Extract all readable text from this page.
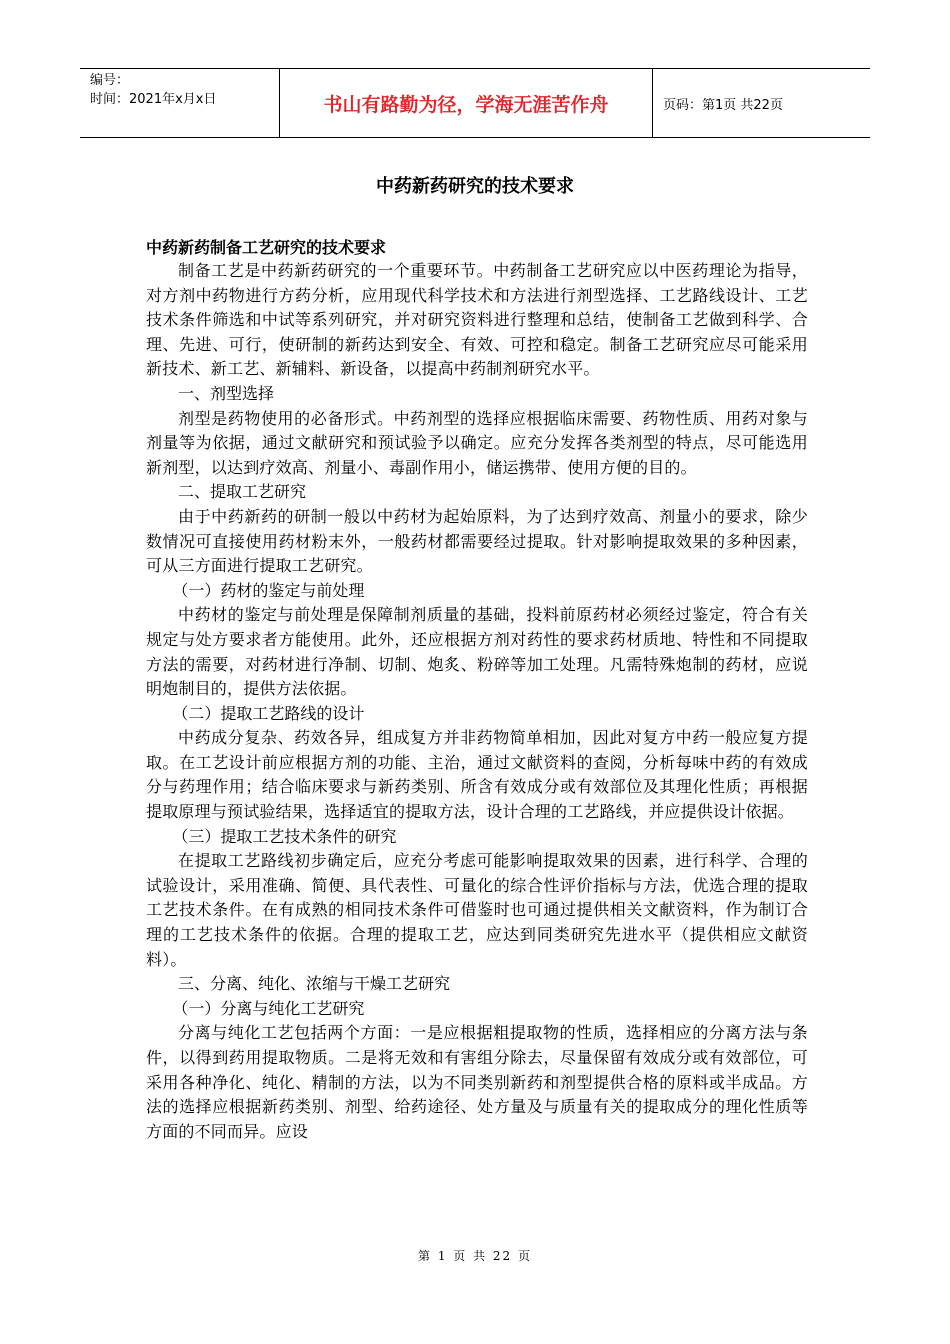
编号：
时间：2021年x月x日	书山有路勤为径，学海无涯苦作舟	页码：第1页 共22页
中药新药研究的技术要求
中药新药制备工艺研究的技术要求

制备工艺是中药新药研究的一个重要环节。中药制备工艺研究应以中医药理论为指导，对方剂中药物进行方药分析，应用现代科学技术和方法进行剂型选择、工艺路线设计、工艺技术条件筛选和中试等系列研究，并对研究资料进行整理和总结，使制备工艺做到科学、合理、先进、可行，使研制的新药达到安全、有效、可控和稳定。制备工艺研究应尽可能采用新技术、新工艺、新辅料、新设备，以提高中药制剂研究水平。

一、剂型选择

剂型是药物使用的必备形式。中药剂型的选择应根据临床需要、药物性质、用药对象与剂量等为依据，通过文献研究和预试验予以确定。应充分发挥各类剂型的特点，尽可能选用新剂型，以达到疗效高、剂量小、毒副作用小，储运携带、使用方便的目的。

二、提取工艺研究

由于中药新药的研制一般以中药材为起始原料，为了达到疗效高、剂量小的要求，除少数情况可直接使用药材粉末外，一般药材都需要经过提取。针对影响提取效果的多种因素，可从三方面进行提取工艺研究。

（一）药材的鉴定与前处理

中药材的鉴定与前处理是保障制剂质量的基础，投料前原药材必须经过鉴定，符合有关规定与处方要求者方能使用。此外，还应根据方剂对药性的要求药材质地、特性和不同提取方法的需要，对药材进行净制、切制、炮炙、粉碎等加工处理。凡需特殊炮制的药材，应说明炮制目的，提供方法依据。

（二）提取工艺路线的设计

中药成分复杂、药效各异，组成复方并非药物简单相加，因此对复方中药一般应复方提取。在工艺设计前应根据方剂的功能、主治，通过文献资料的查阅，分析每味中药的有效成分与药理作用；结合临床要求与新药类别、所含有效成分或有效部位及其理化性质；再根据提取原理与预试验结果，选择适宜的提取方法，设计合理的工艺路线，并应提供设计依据。

（三）提取工艺技术条件的研究

在提取工艺路线初步确定后，应充分考虑可能影响提取效果的因素，进行科学、合理的试验设计，采用准确、简便、具代表性、可量化的综合性评价指标与方法，优选合理的提取工艺技术条件。在有成熟的相同技术条件可借鉴时也可通过提供相关文献资料，作为制订合理的工艺技术条件的依据。合理的提取工艺，应达到同类研究先进水平（提供相应文献资料）。

三、分离、纯化、浓缩与干燥工艺研究

（一）分离与纯化工艺研究

分离与纯化工艺包括两个方面：一是应根据粗提取物的性质，选择相应的分离方法与条件，以得到药用提取物质。二是将无效和有害组分除去，尽量保留有效成分或有效部位，可采用各种净化、纯化、精制的方法，以为不同类别新药和剂型提供合格的原料或半成品。方法的选择应根据新药类别、剂型、给药途径、处方量及与质量有关的提取成分的理化性质等方面的不同而异。应设

第 1 页 共 22 页
